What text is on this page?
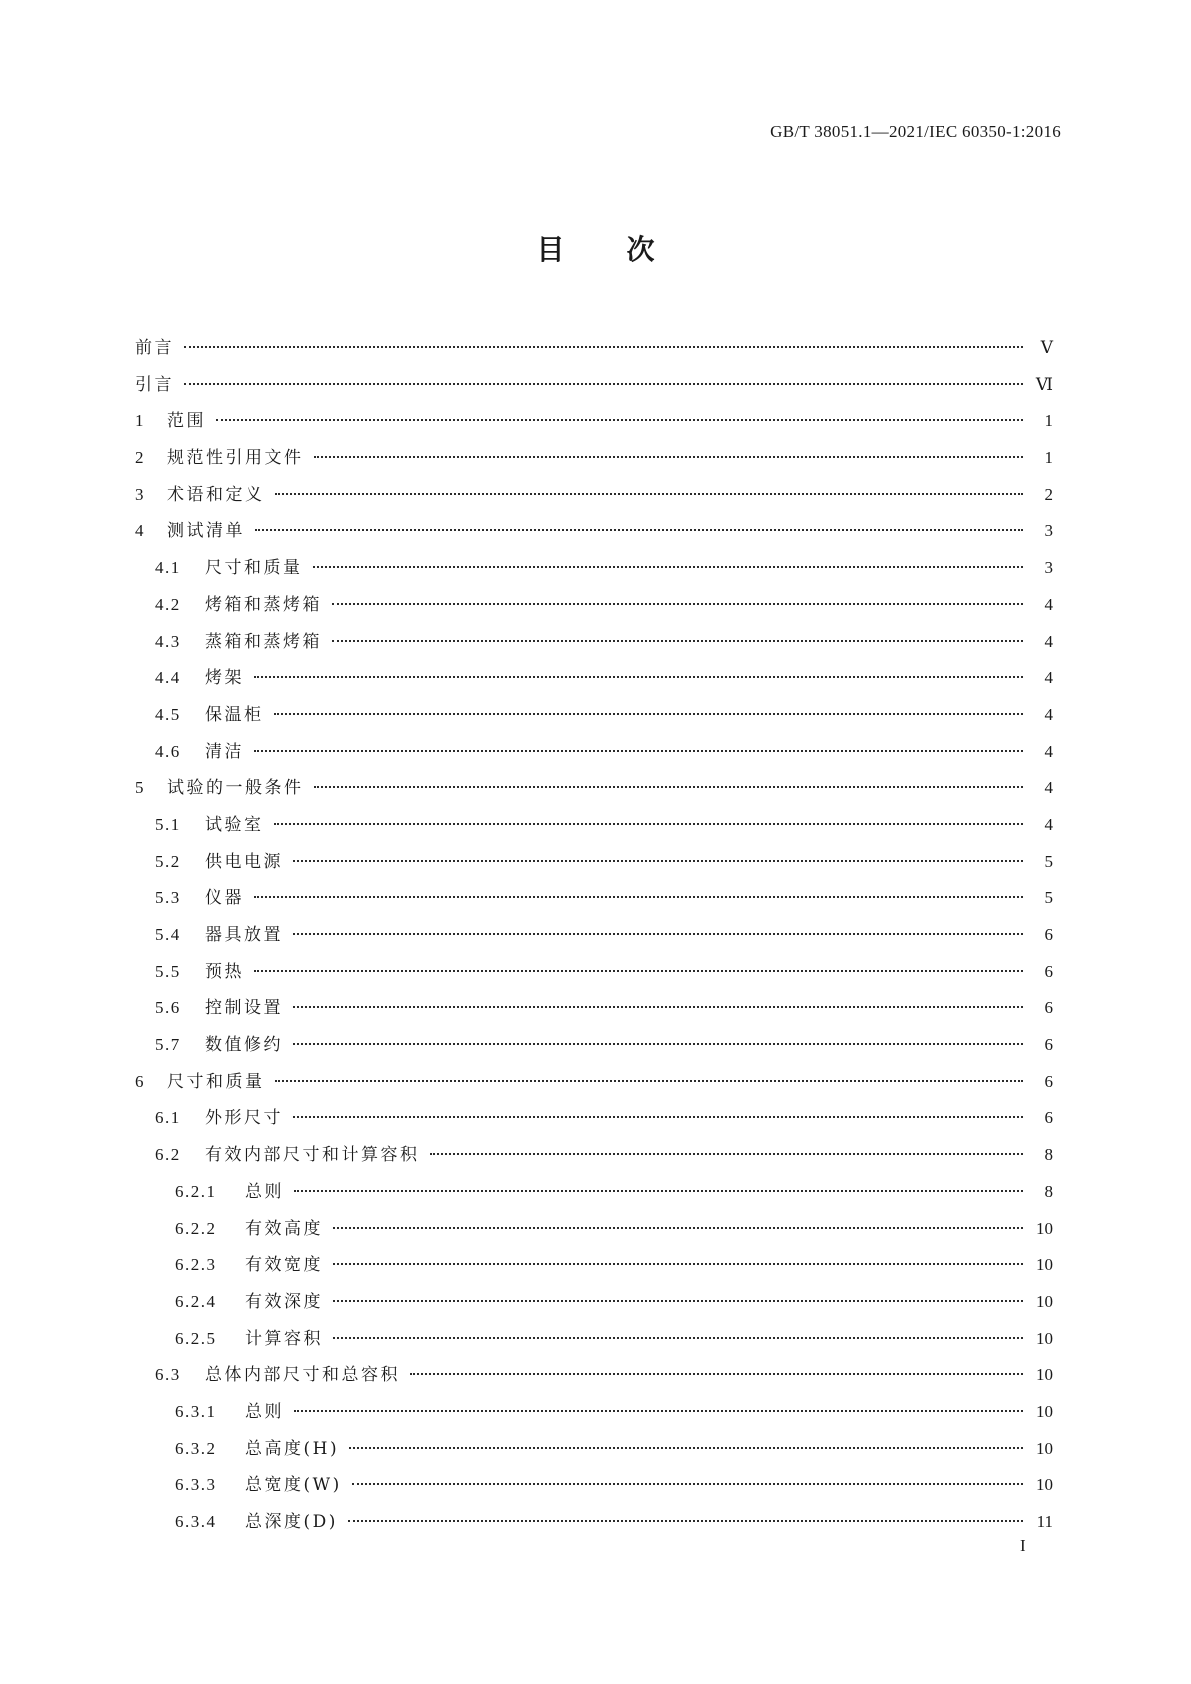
GB/T 38051.1—2021/IEC 60350-1:2016
目次
前言	Ⅴ
引言	Ⅵ
1	范围	1
2	规范性引用文件	1
3	术语和定义	2
4	测试清单	3
4.1	尺寸和质量	3
4.2	烤箱和蒸烤箱	4
4.3	蒸箱和蒸烤箱	4
4.4	烤架	4
4.5	保温柜	4
4.6	清洁	4
5	试验的一般条件	4
5.1	试验室	4
5.2	供电电源	5
5.3	仪器	5
5.4	器具放置	6
5.5	预热	6
5.6	控制设置	6
5.7	数值修约	6
6	尺寸和质量	6
6.1	外形尺寸	6
6.2	有效内部尺寸和计算容积	8
6.2.1	总则	8
6.2.2	有效高度	10
6.2.3	有效宽度	10
6.2.4	有效深度	10
6.2.5	计算容积	10
6.3	总体内部尺寸和总容积	10
6.3.1	总则	10
6.3.2	总高度(H)	10
6.3.3	总宽度(W)	10
6.3.4	总深度(D)	11
I
